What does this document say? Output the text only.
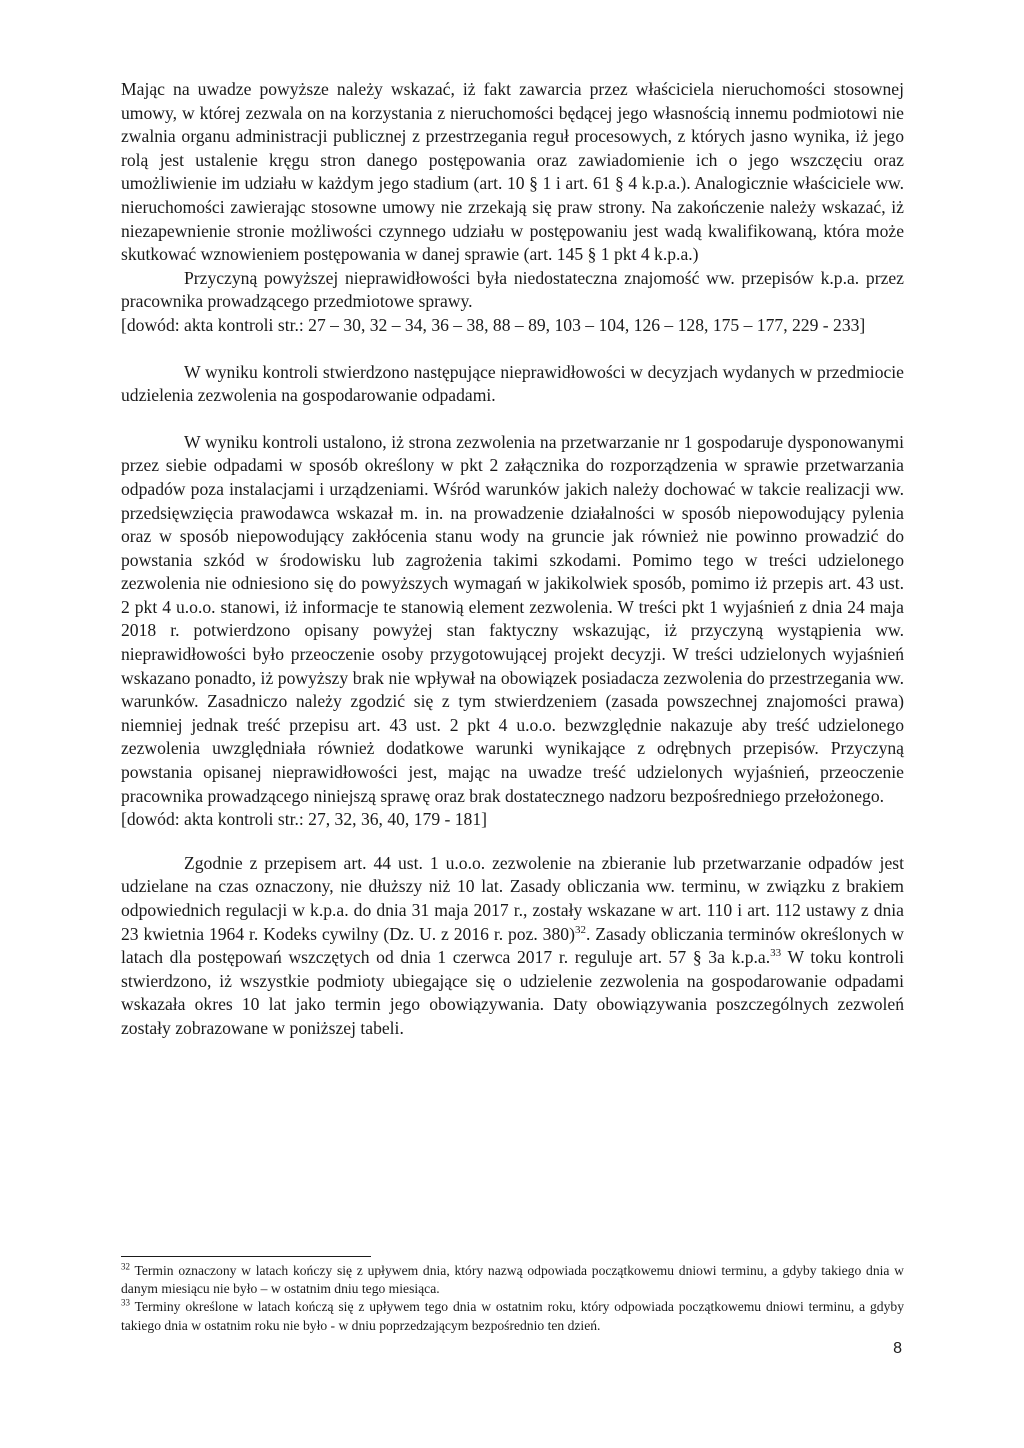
Mając na uwadze powyższe należy wskazać, iż fakt zawarcia przez właściciela nieruchomości stosownej umowy, w której zezwala on na korzystania z nieruchomości będącej jego własnością innemu podmiotowi nie zwalnia organu administracji publicznej z przestrzegania reguł procesowych, z których jasno wynika, iż jego rolą jest ustalenie kręgu stron danego postępowania oraz zawiadomienie ich o jego wszczęciu oraz umożliwienie im udziału w każdym jego stadium (art. 10 § 1 i art. 61 § 4 k.p.a.). Analogicznie właściciele ww. nieruchomości zawierając stosowne umowy nie zrzekają się praw strony. Na zakończenie należy wskazać, iż niezapewnienie stronie możliwości czynnego udziału w postępowaniu jest wadą kwalifikowaną, która może skutkować wznowieniem postępowania w danej sprawie (art. 145 § 1 pkt 4 k.p.a.)

Przyczyną powyższej nieprawidłowości była niedostateczna znajomość ww. przepisów k.p.a. przez pracownika prowadzącego przedmiotowe sprawy.

[dowód: akta kontroli str.: 27 – 30, 32 – 34, 36 – 38, 88 – 89, 103 – 104, 126 – 128, 175 – 177, 229 - 233]

W wyniku kontroli stwierdzono następujące nieprawidłowości w decyzjach wydanych w przedmiocie udzielenia zezwolenia na gospodarowanie odpadami.

W wyniku kontroli ustalono, iż strona zezwolenia na przetwarzanie nr 1 gospodaruje dysponowanymi przez siebie odpadami w sposób określony w pkt 2 załącznika do rozporządzenia w sprawie przetwarzania odpadów poza instalacjami i urządzeniami. Wśród warunków jakich należy dochować w takcie realizacji ww. przedsięwzięcia prawodawca wskazał m. in. na prowadzenie działalności w sposób niepowodujący pylenia oraz w sposób niepowodujący zakłócenia stanu wody na gruncie jak również nie powinno prowadzić do powstania szkód w środowisku lub zagrożenia takimi szkodami. Pomimo tego w treści udzielonego zezwolenia nie odniesiono się do powyższych wymagań w jakikolwiek sposób, pomimo iż przepis art. 43 ust. 2 pkt 4 u.o.o. stanowi, iż informacje te stanowią element zezwolenia. W treści pkt 1 wyjaśnień z dnia 24 maja 2018 r. potwierdzono opisany powyżej stan faktyczny wskazując, iż przyczyną wystąpienia ww. nieprawidłowości było przeoczenie osoby przygotowującej projekt decyzji. W treści udzielonych wyjaśnień wskazano ponadto, iż powyższy brak nie wpływał na obowiązek posiadacza zezwolenia do przestrzegania ww. warunków. Zasadniczo należy zgodzić się z tym stwierdzeniem (zasada powszechnej znajomości prawa) niemniej jednak treść przepisu art. 43 ust. 2 pkt 4 u.o.o. bezwzględnie nakazuje aby treść udzielonego zezwolenia uwzględniała również dodatkowe warunki wynikające z odrębnych przepisów. Przyczyną powstania opisanej nieprawidłowości jest, mając na uwadze treść udzielonych wyjaśnień, przeoczenie pracownika prowadzącego niniejszą sprawę oraz brak dostatecznego nadzoru bezpośredniego przełożonego.

[dowód: akta kontroli str.: 27, 32, 36, 40, 179 - 181]

Zgodnie z przepisem art. 44 ust. 1 u.o.o. zezwolenie na zbieranie lub przetwarzanie odpadów jest udzielane na czas oznaczony, nie dłuższy niż 10 lat. Zasady obliczania ww. terminu, w związku z brakiem odpowiednich regulacji w k.p.a. do dnia 31 maja 2017 r., zostały wskazane w art. 110 i art. 112 ustawy z dnia 23 kwietnia 1964 r. Kodeks cywilny (Dz. U. z 2016 r. poz. 380)$^{32}$. Zasady obliczania terminów określonych w latach dla postępowań wszczętych od dnia 1 czerwca 2017 r. reguluje art. 57 § 3a k.p.a.$^{33}$ W toku kontroli stwierdzono, iż wszystkie podmioty ubiegające się o udzielenie zezwolenia na gospodarowanie odpadami wskazała okres 10 lat jako termin jego obowiązywania. Daty obowiązywania poszczególnych zezwoleń zostały zobrazowane w poniższej tabeli.

$^{32}$ Termin oznaczony w latach kończy się z upływem dnia, który nazwą odpowiada początkowemu dniowi terminu, a gdyby takiego dnia w danym miesiącu nie było – w ostatnim dniu tego miesiąca.

$^{33}$ Terminy określone w latach kończą się z upływem tego dnia w ostatnim roku, który odpowiada początkowemu dniowi terminu, a gdyby takiego dnia w ostatnim roku nie było - w dniu poprzedzającym bezpośrednio ten dzień.

8
